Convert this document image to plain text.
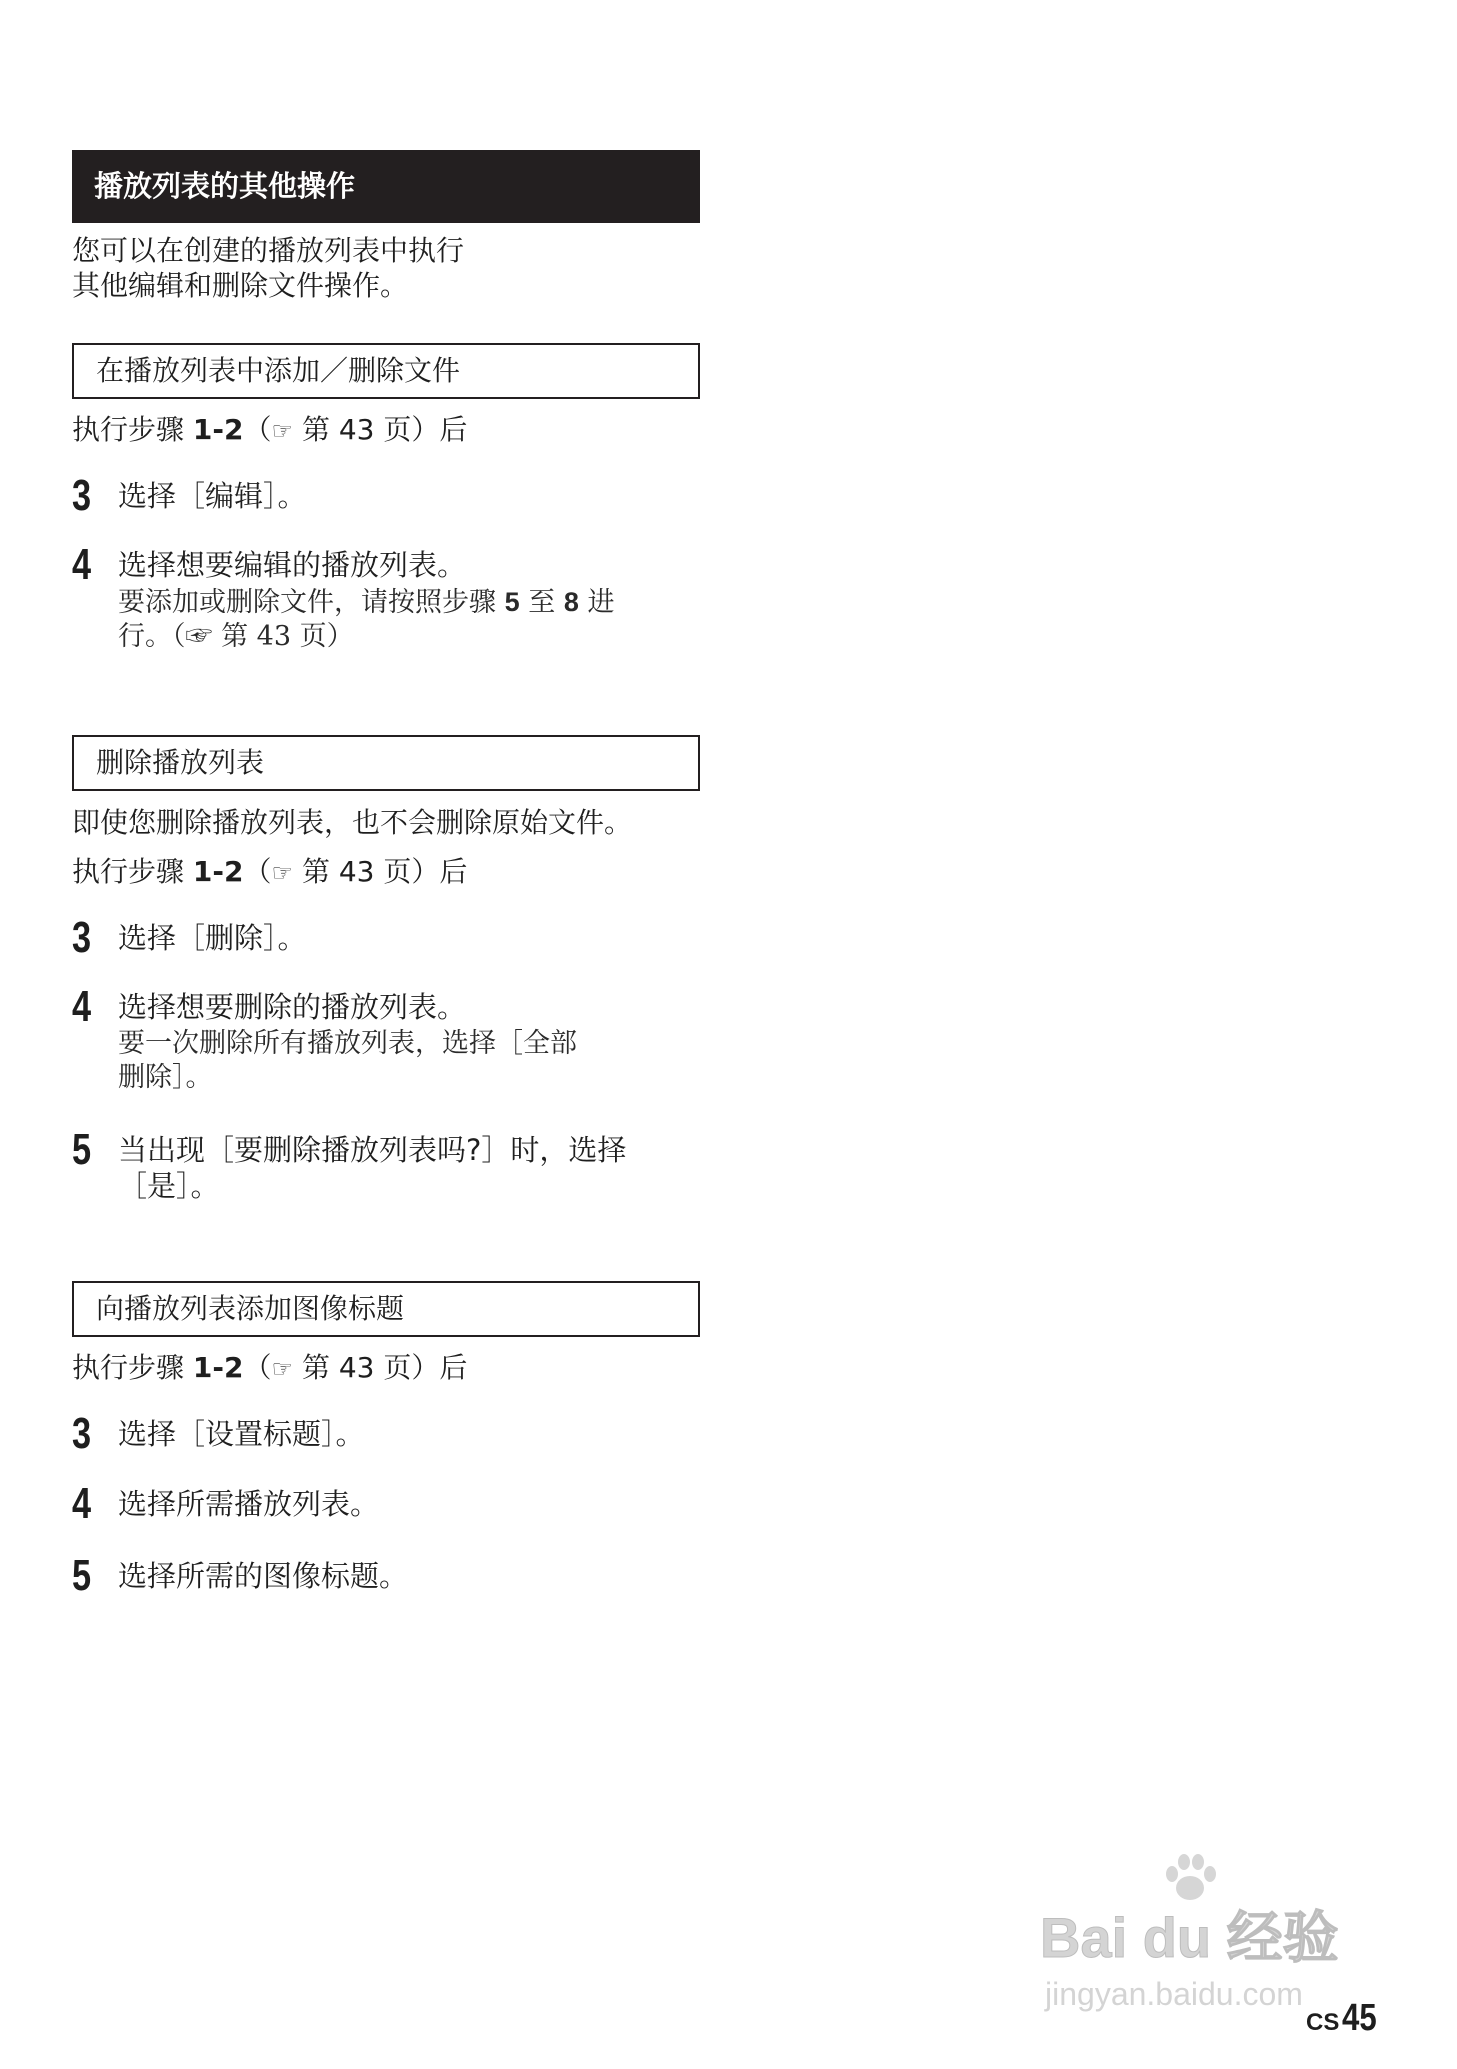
播放列表的其他操作

您可以在创建的播放列表中执行

其他编辑和删除文件操作。

在播放列表中添加／删除文件
执行步骤 1-2（☞ 第 43 页）后
3 选择［编辑］。

4 选择想要编辑的播放列表。

要添加或删除文件，请按照步骤 5 至 8 进
行。（☞ 第 43 页）

删除播放列表
即使您删除播放列表，也不会删除原始文件。
执行步骤 1-2（☞ 第 43 页）后
3 选择［删除］。

4 选择想要删除的播放列表。

要一次删除所有播放列表，选择［全部
删除］。

5 当出现［要删除播放列表吗?］时，选择

［是］。

向播放列表添加图像标题
执行步骤 1-2（☞ 第 43 页）后
3 选择［设置标题］。

4 选择所需播放列表。

5 选择所需的图像标题。

Bai du 经验
jingyan.baidu.com
CS 45
